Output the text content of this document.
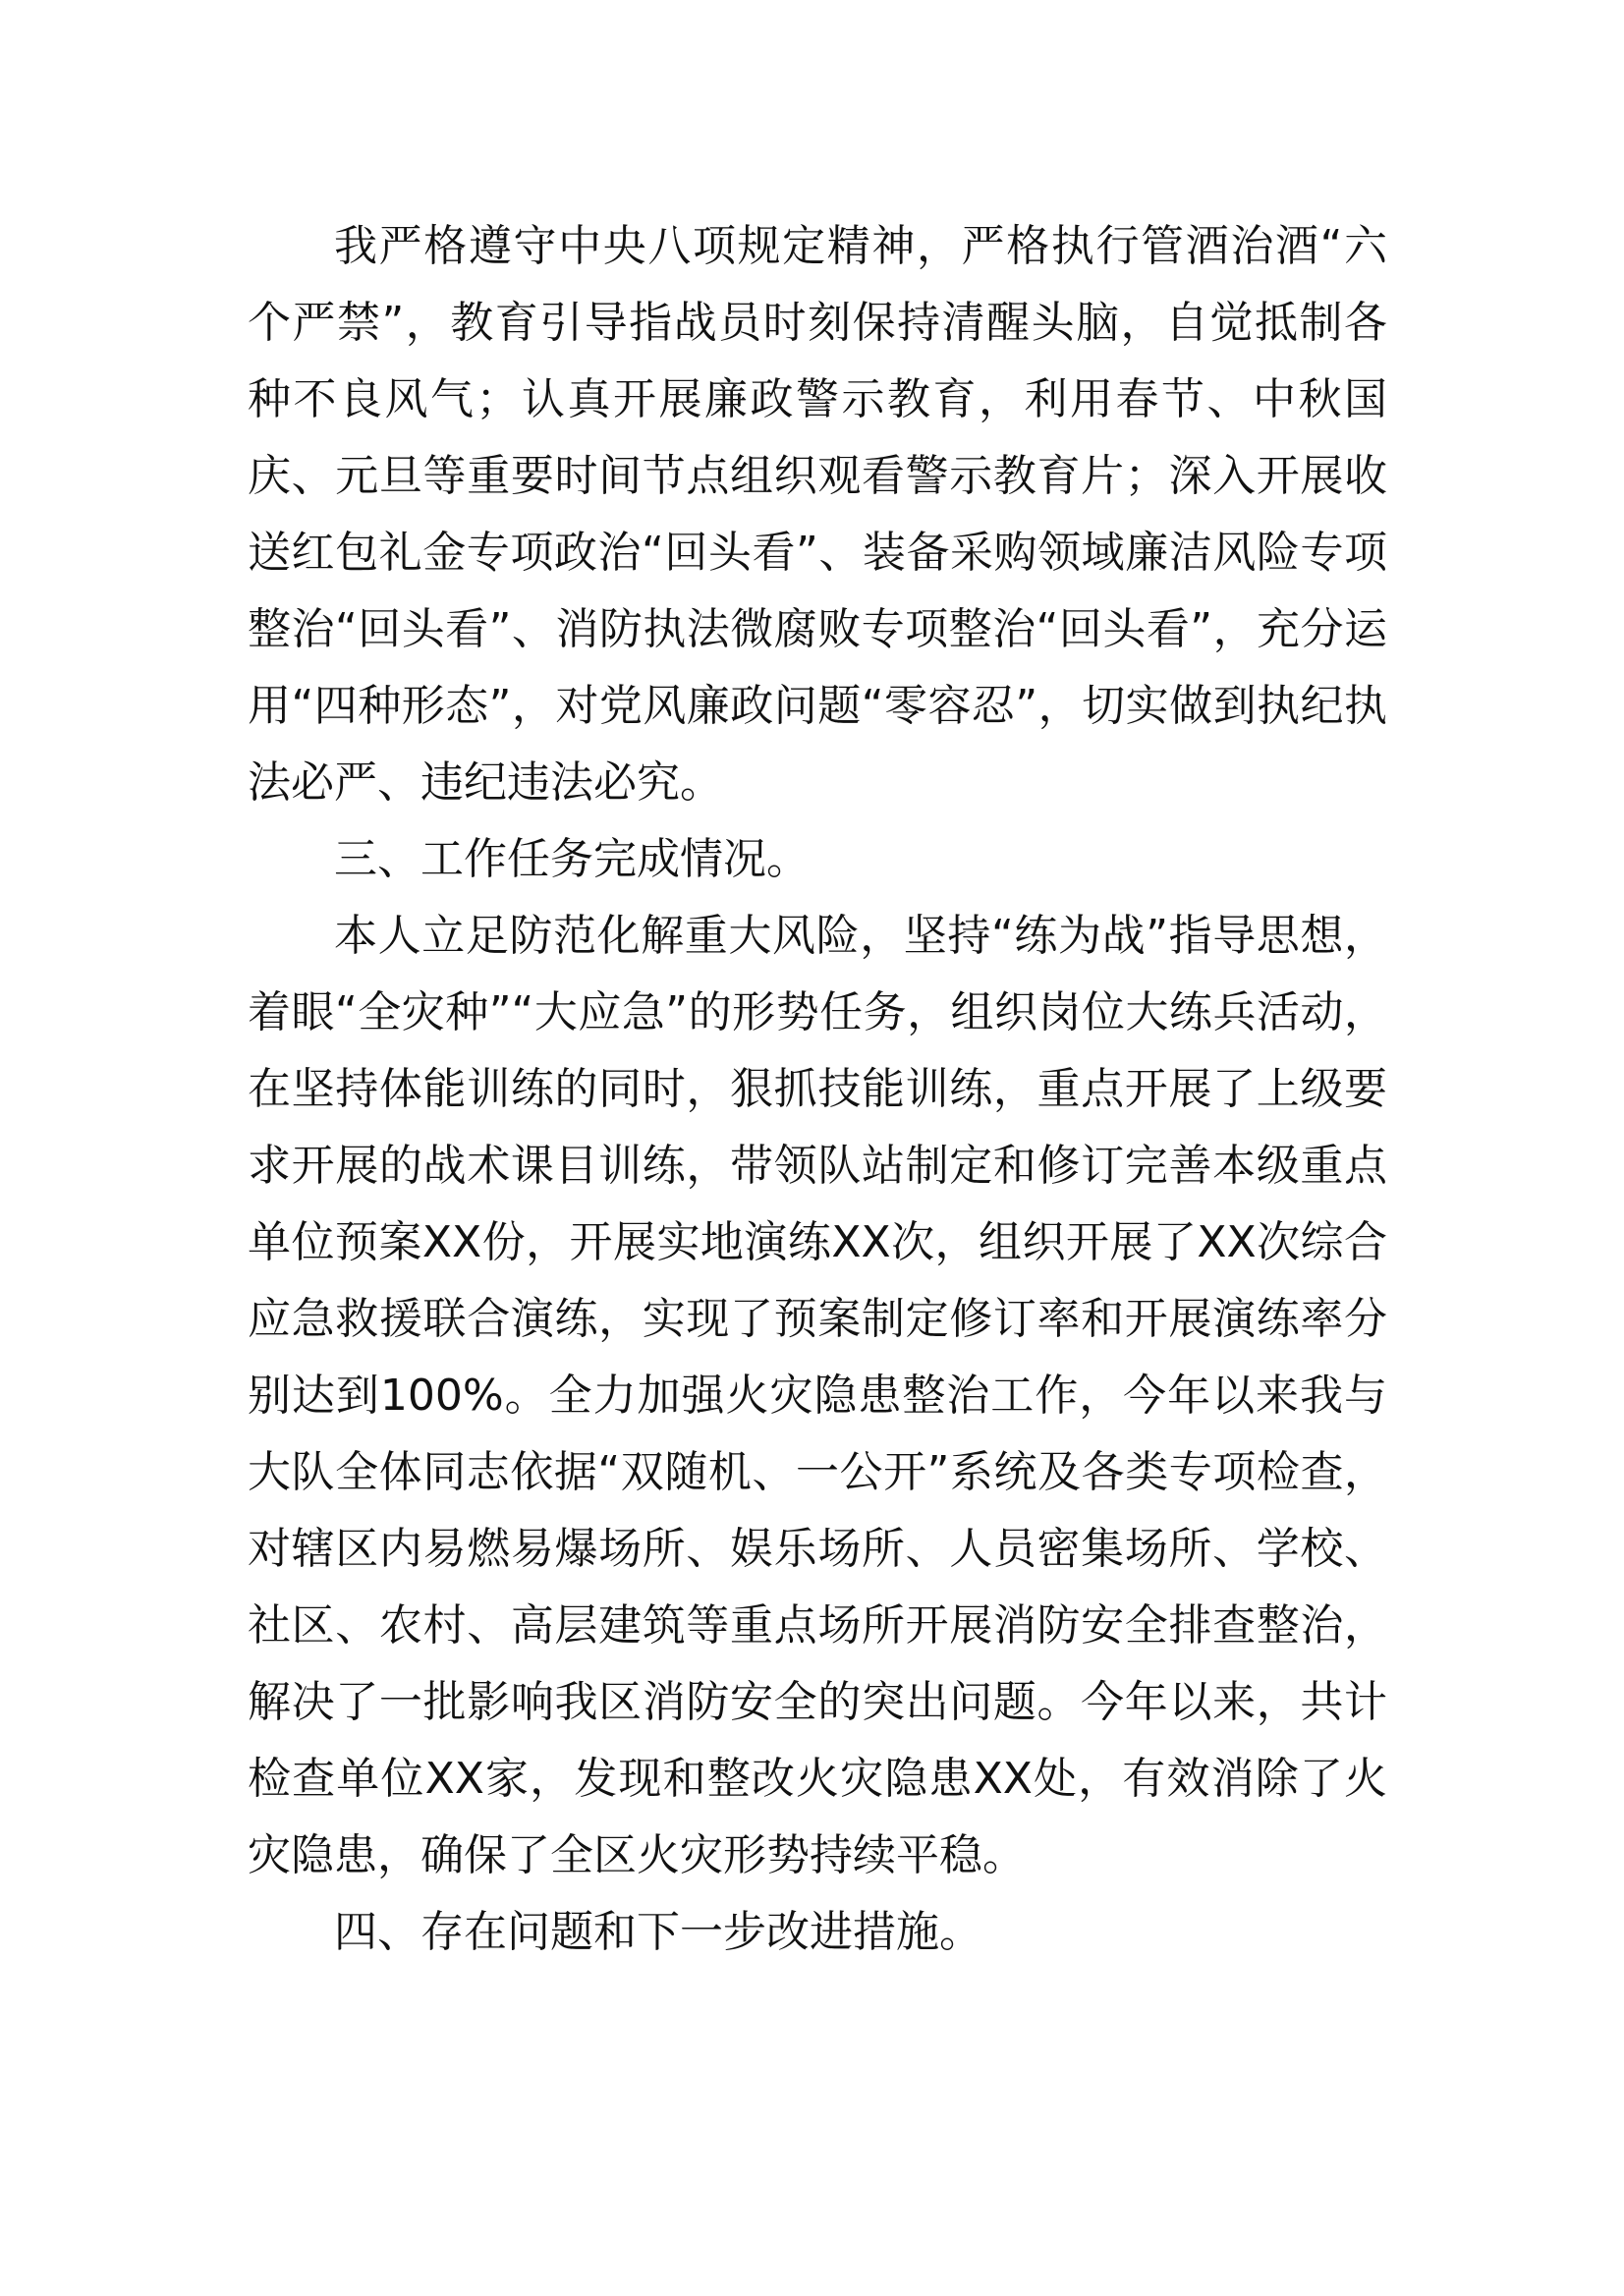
我严格遵守中央八项规定精神，严格执行管酒治酒“六个严禁”，教育引导指战员时刻保持清醒头脑，自觉抵制各种不良风气；认真开展廉政警示教育，利用春节、中秋国庆、元旦等重要时间节点组织观看警示教育片；深入开展收送红包礼金专项政治“回头看”、装备采购领域廉洁风险专项整治“回头看”、消防执法微腐败专项整治“回头看”，充分运用“四种形态”，对党风廉政问题“零容忍”，切实做到执纪执法必严、违纪违法必究。

三、工作任务完成情况。

本人立足防范化解重大风险，坚持“练为战”指导思想，着眼“全灾种”“大应急”的形势任务，组织岗位大练兵活动，在坚持体能训练的同时，狠抓技能训练，重点开展了上级要求开展的战术课目训练，带领队站制定和修订完善本级重点单位预案XX份，开展实地演练XX次，组织开展了XX次综合应急救援联合演练，实现了预案制定修订率和开展演练率分别达到100%。全力加强火灾隐患整治工作，今年以来我与大队全体同志依据“双随机、一公开”系统及各类专项检查，对辖区内易燃易爆场所、娱乐场所、人员密集场所、学校、社区、农村、高层建筑等重点场所开展消防安全排查整治，解决了一批影响我区消防安全的突出问题。今年以来，共计检查单位XX家，发现和整改火灾隐患XX处，有效消除了火灾隐患，确保了全区火灾形势持续平稳。

四、存在问题和下一步改进措施。
